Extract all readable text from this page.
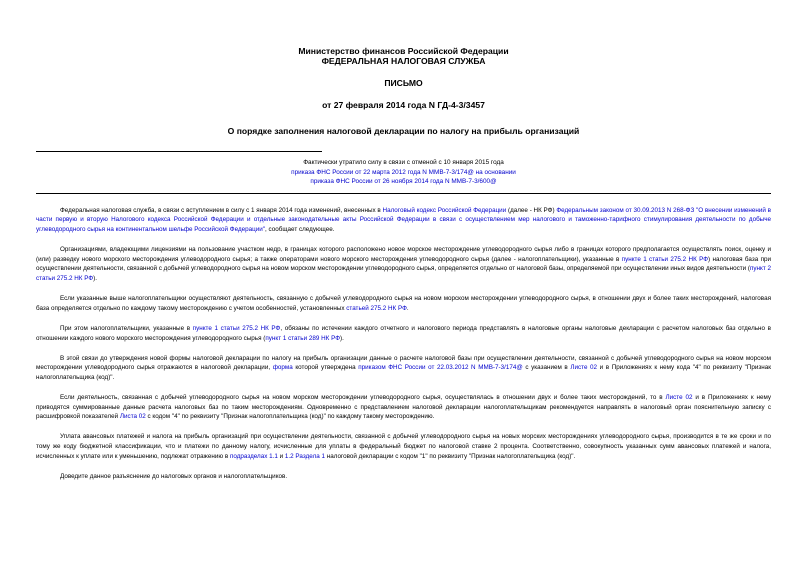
Министерство финансов Российской Федерации
ФЕДЕРАЛЬНАЯ НАЛОГОВАЯ СЛУЖБА
ПИСЬМО
от 27 февраля 2014 года N ГД-4-3/3457
О порядке заполнения налоговой декларации по налогу на прибыль организаций
Фактически утратило силу в связи с отменой с 10 января 2015 года
приказа ФНС России от 22 марта 2012 года N ММВ-7-3/174@ на основании
приказа ФНС России от 26 ноября 2014 года N ММВ-7-3/600@

Федеральная налоговая служба, в связи с вступлением в силу с 1 января 2014 года изменений, внесенных в Налоговый кодекс Российской Федерации (далее - НК РФ) Федеральным законом от 30.09.2013 N 268-ФЗ "О внесении изменений в части первую и вторую Налогового кодекса Российской Федерации и отдельные законодательные акты Российской Федерации в связи с осуществлением мер налогового и таможенно-тарифного стимулирования деятельности по добыче углеводородного сырья на континентальном шельфе Российской Федерации", сообщает следующее.

Организациями, владеющими лицензиями на пользование участком недр, в границах которого расположено новое морское месторождение углеводородного сырья либо в границах которого предполагается осуществлять поиск, оценку и (или) разведку нового морского месторождения углеводородного сырья; а также операторами нового морского месторождения углеводородного сырья (далее - налогоплательщики), указанные в пункте 1 статьи 275.2 НК РФ) налоговая база при осуществлении деятельности, связанной с добычей углеводородного сырья на новом морском месторождении углеводородного сырья, определяется отдельно от налоговой базы, определяемой при осуществлении иных видов деятельности (пункт 2 статьи 275.2 НК РФ).

Если указанные выше налогоплательщики осуществляют деятельность, связанную с добычей углеводородного сырья на новом морском месторождении углеводородного сырья, в отношении двух и более таких месторождений, налоговая база определяется отдельно по каждому такому месторождению с учетом особенностей, установленных статьей 275.2 НК РФ.

При этом налогоплательщики, указанные в пункте 1 статьи 275.2 НК РФ, обязаны по истечении каждого отчетного и налогового периода представлять в налоговые органы налоговые декларации с расчетом налоговых баз отдельно в отношении каждого нового морского месторождения углеводородного сырья (пункт 1 статьи 289 НК РФ).

В этой связи до утверждения новой формы налоговой декларации по налогу на прибыль организации данные о расчете налоговой базы при осуществлении деятельности, связанной с добычей углеводородного сырья на новом морском месторождении углеводородного сырья отражаются в налоговой декларации, форма которой утверждена приказом ФНС России от 22.03.2012 N ММВ-7-3/174@ с указанием в Листе 02 и в Приложениях к нему кода "4" по реквизиту "Признак налогоплательщика (код)".

Если деятельность, связанная с добычей углеводородного сырья на новом морском месторождении углеводородного сырья, осуществлялась в отношении двух и более таких месторождений, то в Листе 02 и в Приложениях к нему приводятся суммированные данные расчета налоговых баз по таким месторождениям. Одновременно с представлением налоговой декларации налогоплательщикам рекомендуется направлять в налоговый орган пояснительную записку с расшифровкой показателей Листа 02 с кодом "4" по реквизиту "Признак налогоплательщика (код)" по каждому такому месторождению.

Уплата авансовых платежей и налога на прибыль организаций при осуществлении деятельности, связанной с добычей углеводородного сырья на новых морских месторождениях углеводородного сырья, производится в те же сроки и по тому же коду бюджетной классификации, что и платежи по данному налогу, исчисленные для уплаты в федеральный бюджет по налоговой ставке 2 процента. Соответственно, совокупность указанных сумм авансовых платежей и налога, исчисленных к уплате или к уменьшению, подлежат отражению в подразделах 1.1 и 1.2 Раздела 1 налоговой декларации с кодом "1" по реквизиту "Признак налогоплательщика (код)".

Доведите данное разъяснение до налоговых органов и налогоплательщиков.
